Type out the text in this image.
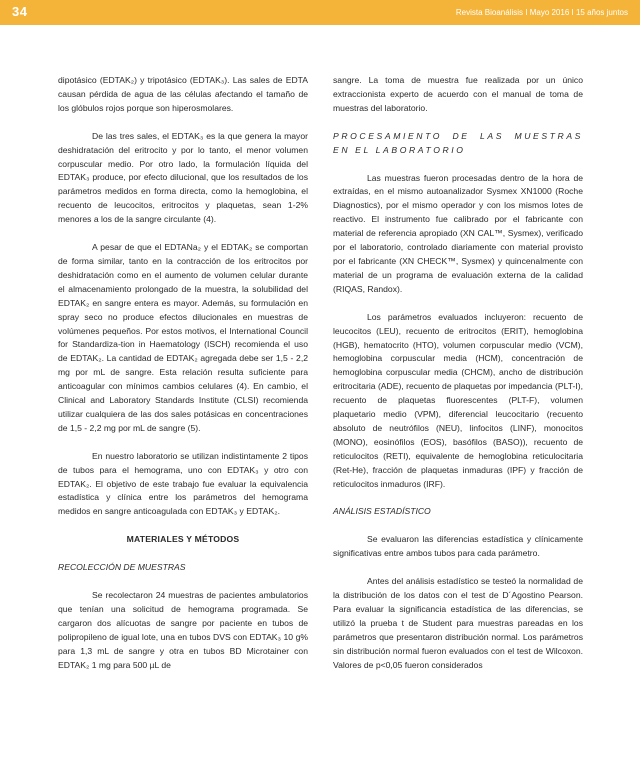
34	Revista Bioanálisis I Mayo 2016 I 15 años juntos

dipotásico (EDTAK₂) y tripotásico (EDTAK₃). Las sales de EDTA causan pérdida de agua de las células afectando el tamaño de los glóbulos rojos porque son hiperosmolares.

De las tres sales, el EDTAK₃ es la que genera la mayor deshidratación del eritrocito y por lo tanto, el menor volumen corpuscular medio. Por otro lado, la formulación líquida del EDTAK₃ produce, por efecto dilucional, que los resultados de los parámetros medidos en forma directa, como la hemoglobina, el recuento de leucocitos, eritrocitos y plaquetas, sean 1-2% menores a los de la sangre circulante (4).

A pesar de que el EDTANa₂ y el EDTAK₂ se comportan de forma similar, tanto en la contracción de los eritrocitos por deshidratación como en el aumento de volumen celular durante el almacenamiento prolongado de la muestra, la solubilidad del EDTAK₂ en sangre entera es mayor. Además, su formulación en spray seco no produce efectos dilucionales en muestras de volúmenes pequeños. Por estos motivos, el International Council for Standardiza-tion in Haematology (ISCH) recomienda el uso de EDTAK₂. La cantidad de EDTAK₂ agregada debe ser 1,5 - 2,2 mg por mL de sangre. Esta relación resulta suficiente para anticoagular con mínimos cambios celulares (4). En cambio, el Clinical and Laboratory Standards Institute (CLSI) recomienda utilizar cualquiera de las dos sales potásicas en concentraciones de 1,5 - 2,2 mg por mL de sangre (5).

En nuestro laboratorio se utilizan indistintamente 2 tipos de tubos para el hemograma, uno con EDTAK₃ y otro con EDTAK₂. El objetivo de este trabajo fue evaluar la equivalencia estadística y clínica entre los parámetros del hemograma medidos en sangre anticoagulada con EDTAK₃ y EDTAK₂.

MATERIALES Y MÉTODOS

RECOLECCIÓN DE MUESTRAS

Se recolectaron 24 muestras de pacientes ambulatorios que tenían una solicitud de hemograma programada. Se cargaron dos alícuotas de sangre por paciente en tubos de polipropileno de igual lote, una en tubos DVS con EDTAK₃ 10 g% para 1,3 mL de sangre y otra en tubos BD Microtainer con EDTAK₂ 1 mg para 500 µL de

sangre. La toma de muestra fue realizada por un único extraccionista experto de acuerdo con el manual de toma de muestras del laboratorio.

PROCESAMIENTO DE LAS MUESTRAS EN EL LABORATORIO

Las muestras fueron procesadas dentro de la hora de extraídas, en el mismo autoanalizador Sysmex XN1000 (Roche Diagnostics), por el mismo operador y con los mismos lotes de reactivo. El instrumento fue calibrado por el fabricante con material de referencia apropiado (XN CAL™, Sysmex), verificado por el laboratorio, controlado diariamente con material provisto por el fabricante (XN CHECK™, Sysmex) y quincenalmente con material de un programa de evaluación externa de la calidad (RIQAS, Randox).

Los parámetros evaluados incluyeron: recuento de leucocitos (LEU), recuento de eritrocitos (ERIT), hemoglobina (HGB), hematocrito (HTO), volumen corpuscular medio (VCM), hemoglobina corpuscular media (HCM), concentración de hemoglobina corpuscular media (CHCM), ancho de distribución eritrocitaria (ADE), recuento de plaquetas por impedancia (PLT-I), recuento de plaquetas fluorescentes (PLT-F), volumen plaquetario medio (VPM), diferencial leucocitario (recuento absoluto de neutrófilos (NEU), linfocitos (LINF), monocitos (MONO), eosinófilos (EOS), basófilos (BASO)), recuento de reticulocitos (RETI), equivalente de hemoglobina reticulocitaria (Ret-He), fracción de plaquetas inmaduras (IPF) y fracción de reticulocitos inmaduros (IRF).

ANÁLISIS ESTADÍSTICO

Se evaluaron las diferencias estadística y clínicamente significativas entre ambos tubos para cada parámetro.

Antes del análisis estadístico se testeó la normalidad de la distribución de los datos con el test de D´Agostino Pearson. Para evaluar la significancia estadística de las diferencias, se utilizó la prueba t de Student para muestras pareadas en los parámetros que presentaron distribución normal. Los parámetros sin distribución normal fueron evaluados con el test de Wilcoxon. Valores de p<0,05 fueron considerados
